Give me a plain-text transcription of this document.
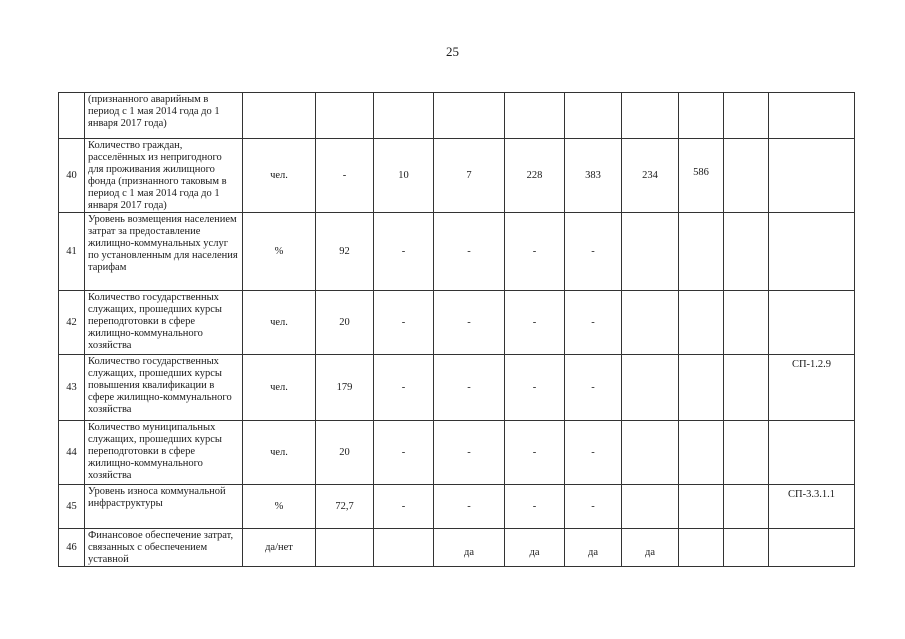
25
	(признанного аварийным в период с 1 мая 2014 года до 1 января 2017 года)										
40	Количество граждан, расселённых из непригодного для проживания жилищного фонда (признанного таковым в период с 1 мая 2014 года до 1 января 2017 года)	чел.	-	10	7	228	383	234	586		
41	Уровень возмещения населением затрат за предоставление жилищно-коммунальных услуг по установленным для населения тарифам	%	92	-	-	-	-				
42	Количество государственных служащих, прошедших курсы переподготовки в сфере жилищно-коммунального хозяйства	чел.	20	-	-	-	-				
43	Количество государственных служащих, прошедших курсы повышения квалификации в сфере жилищно-коммунального хозяйства	чел.	179	-	-	-	-				СП-1.2.9
44	Количество муниципальных служащих, прошедших курсы переподготовки в сфере жилищно-коммунального хозяйства	чел.	20	-	-	-	-				
45	Уровень износа коммунальной инфраструктуры	%	72,7	-	-	-	-				СП-3.3.1.1
46	Финансовое обеспечение затрат, связанных с обеспечением уставной	да/нет			да	да	да	да			
